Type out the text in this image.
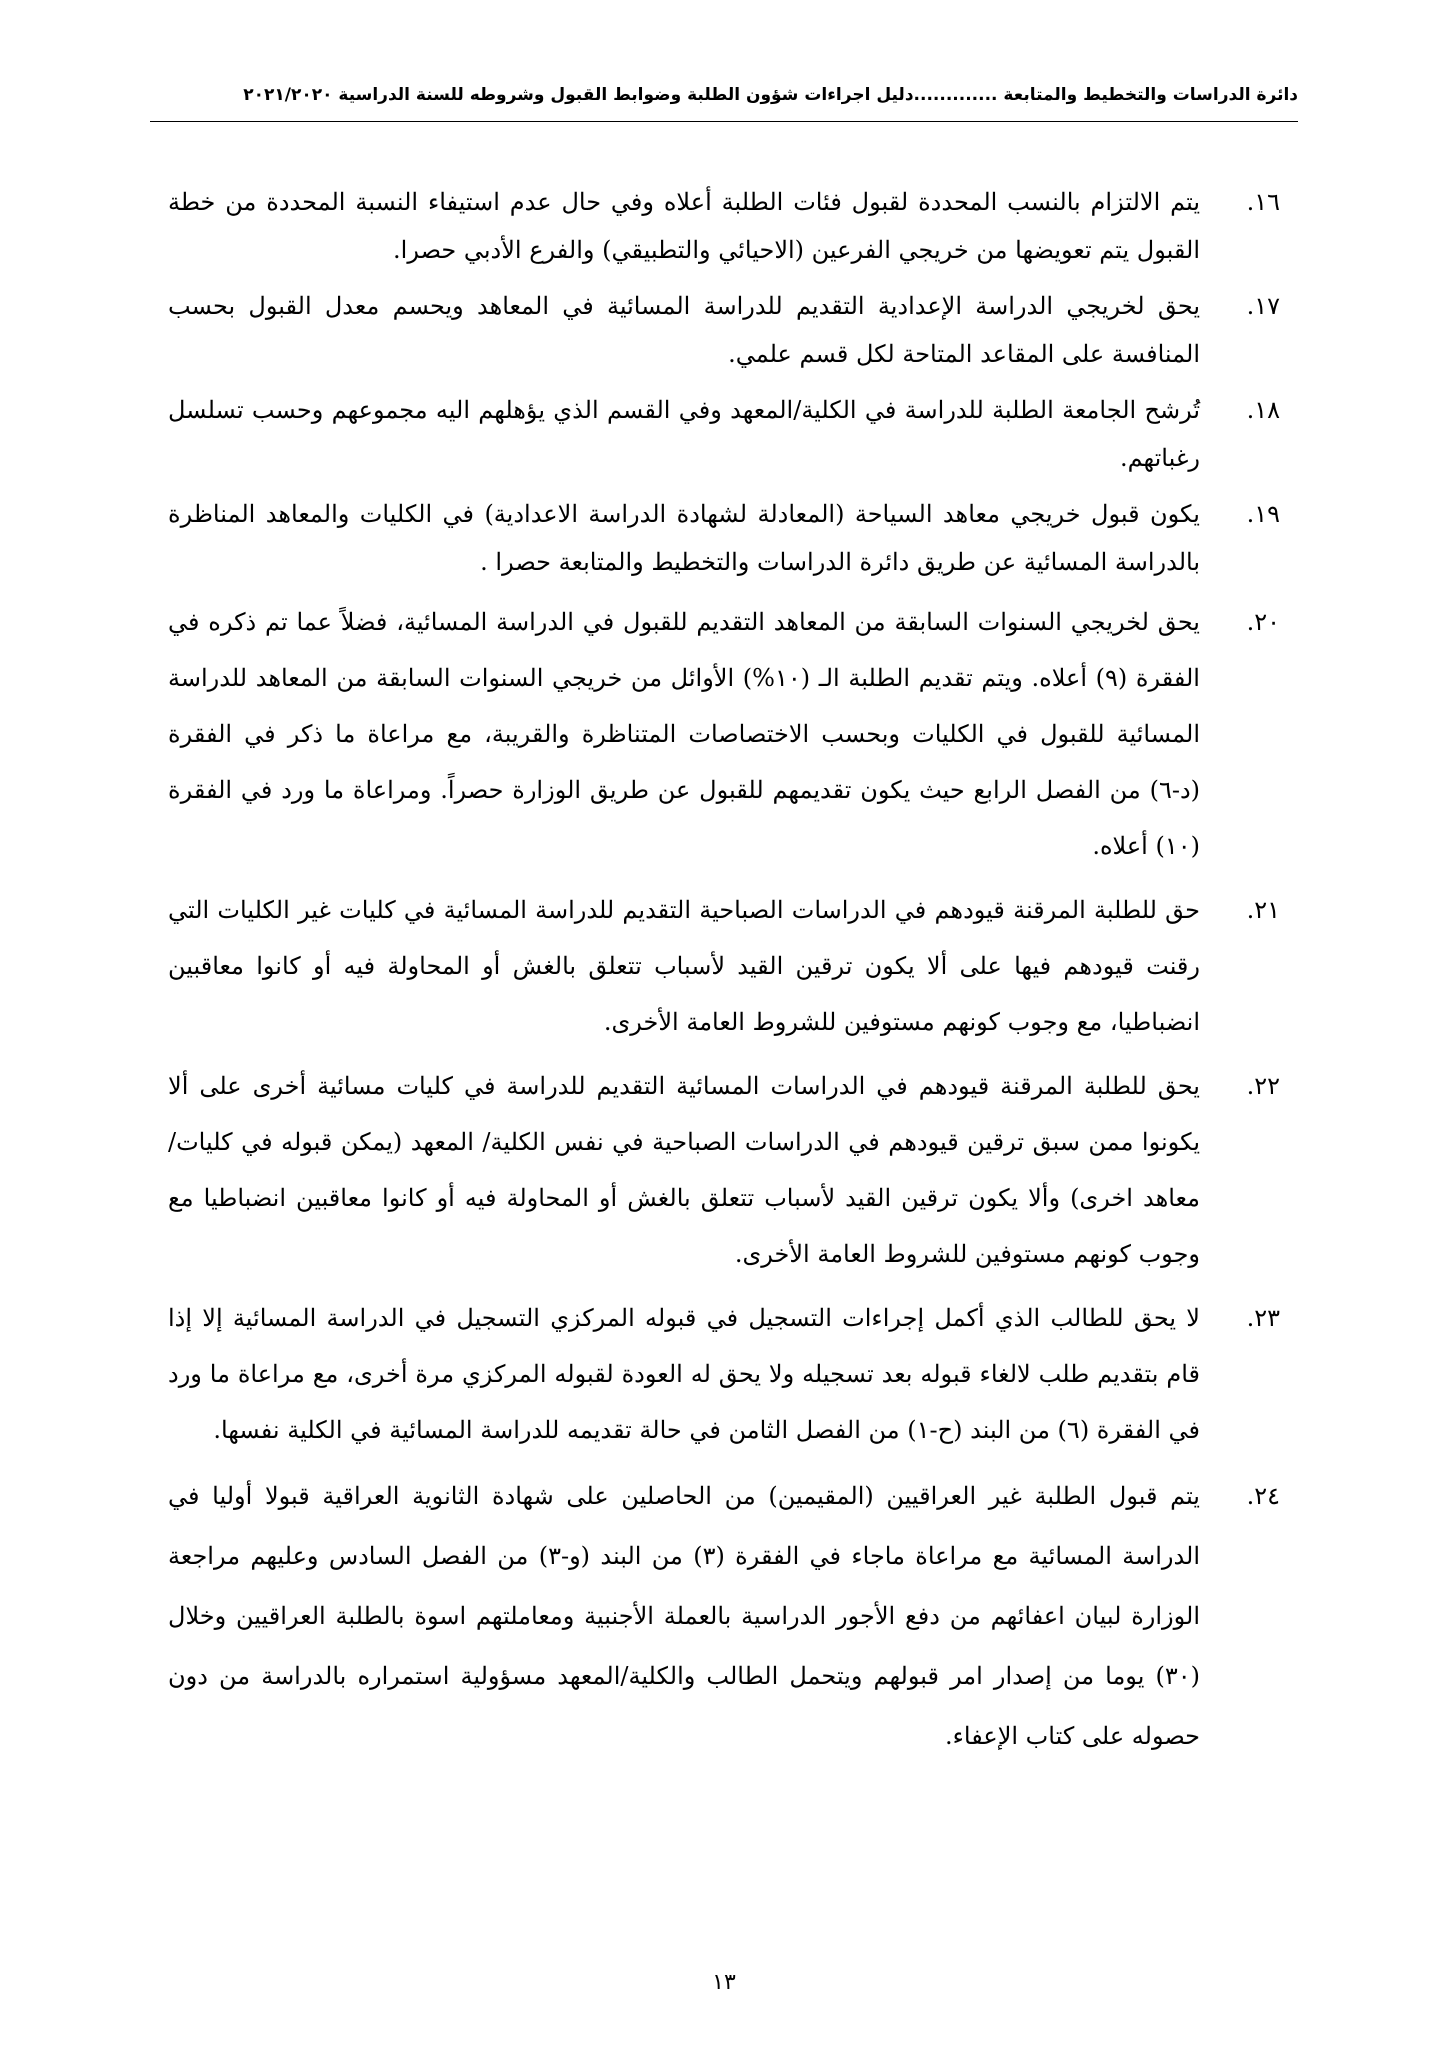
دائرة الدراسات والتخطيط والمتابعة .............دليل اجراءات شؤون الطلبة وضوابط القبول وشروطه للسنة الدراسية ٢٠٢١/٢٠٢٠
١٦.
يتم الالتزام بالنسب المحددة لقبول فئات الطلبة أعلاه وفي حال عدم استيفاء النسبة المحددة من خطة القبول يتم تعويضها من خريجي الفرعين (الاحيائي والتطبيقي) والفرع الأدبي حصرا.
١٧.
يحق لخريجي الدراسة الإعدادية التقديم للدراسة المسائية في المعاهد ويحسم معدل القبول بحسب المنافسة على المقاعد المتاحة لكل قسم علمي.
١٨.
تُرشح الجامعة الطلبة للدراسة في الكلية/المعهد وفي القسم الذي يؤهلهم اليه مجموعهم وحسب تسلسل رغباتهم.
١٩.
يكون قبول خريجي معاهد السياحة (المعادلة لشهادة الدراسة الاعدادية) في الكليات والمعاهد المناظرة بالدراسة المسائية عن طريق دائرة الدراسات والتخطيط والمتابعة حصرا .
٢٠.
يحق لخريجي السنوات السابقة من المعاهد التقديم للقبول في الدراسة المسائية، فضلاً عما تم ذكره في الفقرة (٩) أعلاه. ويتم تقديم الطلبة الـ (١٠%) الأوائل من خريجي السنوات السابقة من المعاهد للدراسة المسائية للقبول في الكليات وبحسب الاختصاصات المتناظرة والقريبة، مع مراعاة ما ذكر في الفقرة (د-٦) من الفصل الرابع حيث يكون تقديمهم للقبول عن طريق الوزارة حصراً. ومراعاة ما ورد في الفقرة (١٠) أعلاه.
٢١.
حق للطلبة المرقنة قيودهم في الدراسات الصباحية التقديم للدراسة المسائية في كليات غير الكليات التي رقنت قيودهم فيها على ألا يكون ترقين القيد لأسباب تتعلق بالغش أو المحاولة فيه أو كانوا معاقبين انضباطيا، مع وجوب كونهم مستوفين للشروط العامة الأخرى.
٢٢.
يحق للطلبة المرقنة قيودهم في الدراسات المسائية التقديم للدراسة في كليات مسائية أخرى على ألا يكونوا ممن سبق ترقين قيودهم في الدراسات الصباحية في نفس الكلية/ المعهد (يمكن قبوله في كليات/ معاهد اخرى) وألا يكون ترقين القيد لأسباب تتعلق بالغش أو المحاولة فيه أو كانوا معاقبين انضباطيا مع وجوب كونهم مستوفين للشروط العامة الأخرى.
٢٣.
لا يحق للطالب الذي أكمل إجراءات التسجيل في قبوله المركزي التسجيل في الدراسة المسائية إلا إذا قام بتقديم طلب لالغاء قبوله بعد تسجيله ولا يحق له العودة لقبوله المركزي مرة أخرى، مع مراعاة ما ورد في الفقرة (٦) من البند (ح-١) من الفصل الثامن في حالة تقديمه للدراسة المسائية في الكلية نفسها.
٢٤.
يتم قبول الطلبة غير العراقيين (المقيمين) من الحاصلين على شهادة الثانوية العراقية قبولا أوليا في الدراسة المسائية مع مراعاة ماجاء في الفقرة (٣) من البند (و-٣) من الفصل السادس وعليهم مراجعة الوزارة لبيان اعفائهم من دفع الأجور الدراسية بالعملة الأجنبية ومعاملتهم اسوة بالطلبة العراقيين وخلال (٣٠) يوما من إصدار امر قبولهم ويتحمل الطالب والكلية/المعهد مسؤولية استمراره بالدراسة من دون حصوله على كتاب الإعفاء.
١٣
